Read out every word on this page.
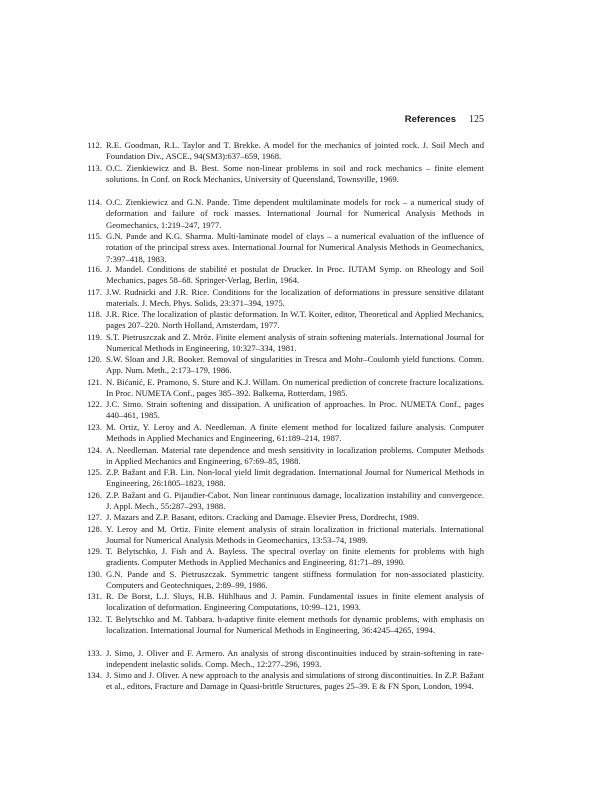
References 125
112. R.E. Goodman, R.L. Taylor and T. Brekke. A model for the mechanics of jointed rock. J. Soil Mech and Foundation Div., ASCE., 94(SM3):637–659, 1968.
113. O.C. Zienkiewicz and B. Best. Some non-linear problems in soil and rock mechanics – finite element solutions. In Conf. on Rock Mechanics, University of Queensland, Townsville, 1969.
114. O.C. Zienkiewicz and G.N. Pande. Time dependent multilaminate models for rock – a numerical study of deformation and failure of rock masses. International Journal for Numerical Analysis Methods in Geomechanics, 1:219–247, 1977.
115. G.N. Pande and K.G. Sharma. Multi-laminate model of clays – a numerical evaluation of the influence of rotation of the principal stress axes. International Journal for Numerical Analysis Methods in Geomechanics, 7:397–418, 1983.
116. J. Mandel. Conditions de stabilité et postulat de Drucker. In Proc. IUTAM Symp. on Rheology and Soil Mechanics, pages 58–68. Springer-Verlag, Berlin, 1964.
117. J.W. Rudnicki and J.R. Rice. Conditions for the localization of deformations in pressure sensitive dilatant materials. J. Mech. Phys. Solids, 23:371–394, 1975.
118. J.R. Rice. The localization of plastic deformation. In W.T. Koiter, editor, Theoretical and Applied Mechanics, pages 207–220. North Holland, Amsterdam, 1977.
119. S.T. Pietruszczak and Z. Mróz. Finite element analysis of strain softening materials. International Journal for Numerical Methods in Engineering, 10:327–334, 1981.
120. S.W. Sloan and J.R. Booker. Removal of singularities in Tresca and Mohr–Coulomb yield functions. Comm. App. Num. Meth., 2:173–179, 1986.
121. N. Bićanić, E. Pramono, S. Sture and K.J. Willam. On numerical prediction of concrete fracture localizations. In Proc. NUMETA Conf., pages 385–392. Balkema, Rotterdam, 1985.
122. J.C. Simo. Strain softening and dissipation. A unification of approaches. In Proc. NUMETA Conf., pages 440–461, 1985.
123. M. Ortiz, Y. Leroy and A. Needleman. A finite element method for localized failure analysis. Computer Methods in Applied Mechanics and Engineering, 61:189–214, 1987.
124. A. Needleman. Material rate dependence and mesh sensitivity in localization problems. Computer Methods in Applied Mechanics and Engineering, 67:69–85, 1988.
125. Z.P. Bažant and F.B. Lin. Non-local yield limit degradation. International Journal for Numerical Methods in Engineering, 26:1805–1823, 1988.
126. Z.P. Bažant and G. Pijaudier-Cabot. Non linear continuous damage, localization instability and convergence. J. Appl. Mech., 55:287–293, 1988.
127. J. Mazars and Z.P. Basant, editors. Cracking and Damage. Elsevier Press, Dordrecht, 1989.
128. Y. Leroy and M. Ortiz. Finite element analysis of strain localization in frictional materials. International Journal for Numerical Analysis Methods in Geomechanics, 13:53–74, 1989.
129. T. Belytschko, J. Fish and A. Bayless. The spectral overlay on finite elements for problems with high gradients. Computer Methods in Applied Mechanics and Engineering, 81:71–89, 1990.
130. G.N. Pande and S. Pietruszczak. Symmetric tangent stiffness formulation for non-associated plasticity. Computers and Geotechniques, 2:89–99, 1986.
131. R. De Borst, L.J. Sluys, H.B. Hühlhaus and J. Pamin. Fundamental issues in finite element analysis of localization of deformation. Engineering Computations, 10:99–121, 1993.
132. T. Belytschko and M. Tabbara. h-adaptive finite element methods for dynamic problems, with emphasis on localization. International Journal for Numerical Methods in Engineering, 36:4245–4265, 1994.
133. J. Simo, J. Oliver and F. Armero. An analysis of strong discontinuities induced by strain-softening in rate-independent inelastic solids. Comp. Mech., 12:277–296, 1993.
134. J. Simo and J. Oliver. A new approach to the analysis and simulations of strong discontinuities. In Z.P. Bažant et al., editors, Fracture and Damage in Quasi-brittle Structures, pages 25–39. E & FN Spon, London, 1994.
